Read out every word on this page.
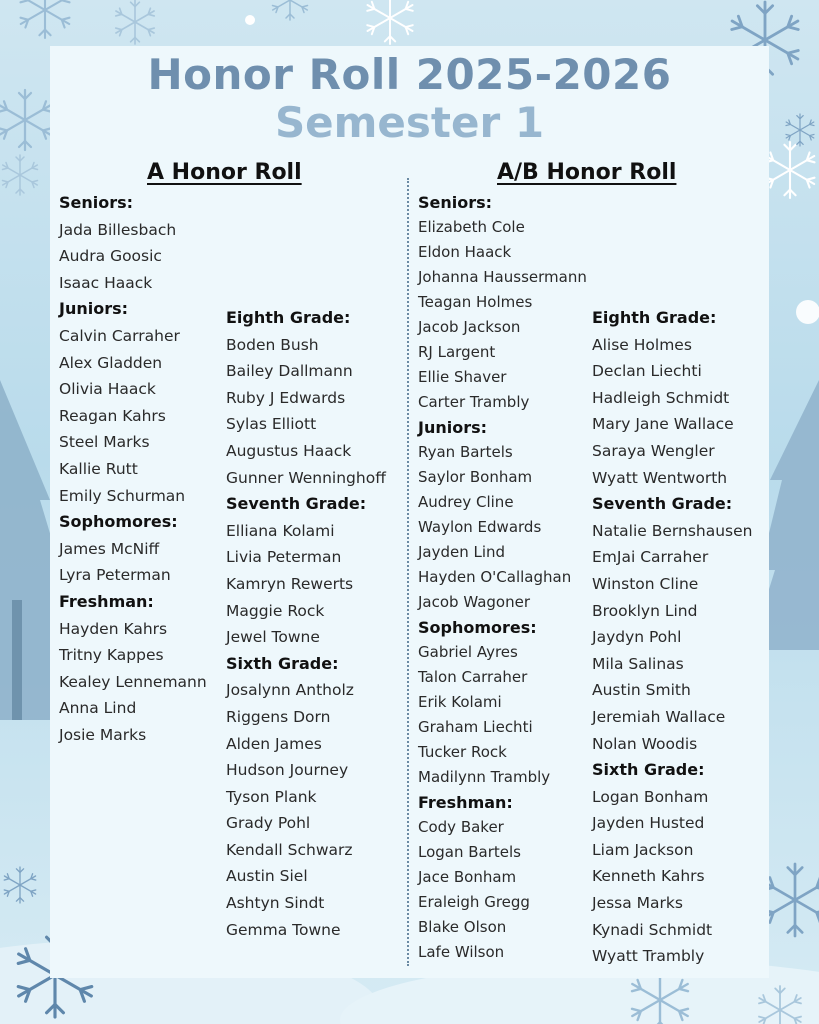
Honor Roll 2025-2026
Semester 1
A Honor Roll	A/B Honor Roll
Seniors:
Jada Billesbach
Audra Goosic
Isaac Haack
Juniors:
Calvin Carraher
Alex Gladden
Olivia Haack
Reagan Kahrs
Steel Marks
Kallie Rutt
Emily Schurman
Sophomores:
James McNiff
Lyra Peterman
Freshman:
Hayden Kahrs
Tritny Kappes
Kealey Lennemann
Anna Lind
Josie Marks
Eighth Grade:
Boden Bush
Bailey Dallmann
Ruby J Edwards
Sylas Elliott
Augustus Haack
Gunner Wenninghoff
Seventh Grade:
Elliana Kolami
Livia Peterman
Kamryn Rewerts
Maggie Rock
Jewel Towne
Sixth Grade:
Josalynn Antholz
Riggens Dorn
Alden James
Hudson Journey
Tyson Plank
Grady Pohl
Kendall Schwarz
Austin Siel
Ashtyn Sindt
Gemma Towne
Seniors:
Elizabeth Cole
Eldon Haack
Johanna Haussermann
Teagan Holmes
Jacob Jackson
RJ Largent
Ellie Shaver
Carter Trambly
Juniors:
Ryan Bartels
Saylor Bonham
Audrey Cline
Waylon Edwards
Jayden Lind
Hayden O'Callaghan
Jacob Wagoner
Sophomores:
Gabriel Ayres
Talon Carraher
Erik Kolami
Graham Liechti
Tucker Rock
Madilynn Trambly
Freshman:
Cody Baker
Logan Bartels
Jace Bonham
Eraleigh Gregg
Blake Olson
Lafe Wilson
Eighth Grade:
Alise Holmes
Declan Liechti
Hadleigh Schmidt
Mary Jane Wallace
Saraya Wengler
Wyatt Wentworth
Seventh Grade:
Natalie Bernshausen
EmJai Carraher
Winston Cline
Brooklyn Lind
Jaydyn Pohl
Mila Salinas
Austin Smith
Jeremiah Wallace
Nolan Woodis
Sixth Grade:
Logan Bonham
Jayden Husted
Liam Jackson
Kenneth Kahrs
Jessa Marks
Kynadi Schmidt
Wyatt Trambly
